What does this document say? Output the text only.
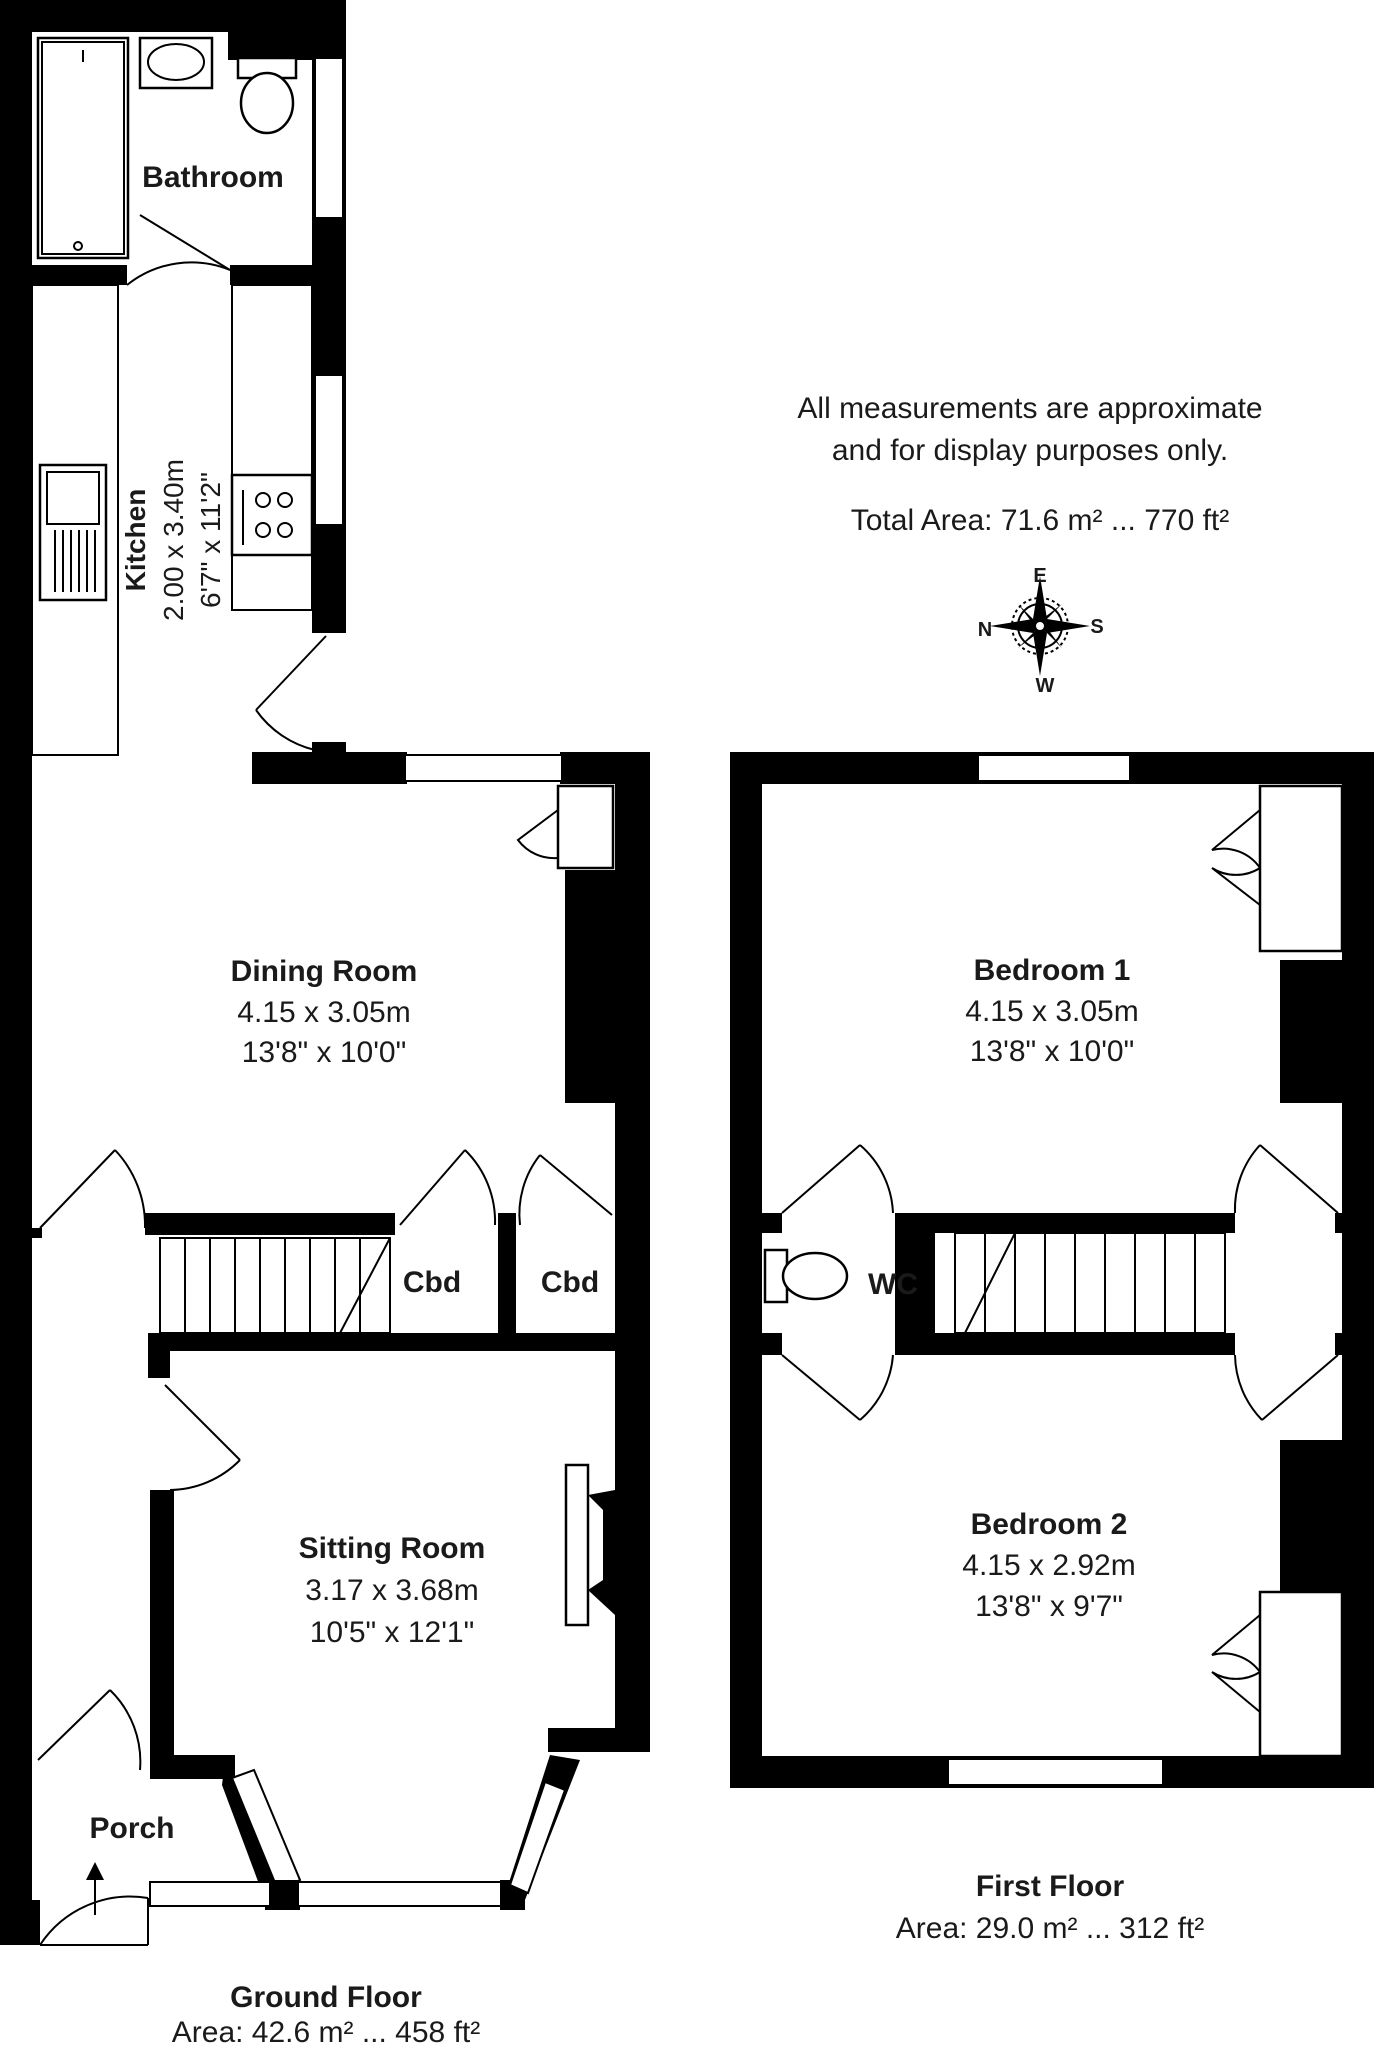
All measurements are approximate
and for display purposes only.
Total Area: 71.6 m² ... 770 ft²
E
N	S
W
Bathroom
Kitchen 2.00 x 3.40m 6'7" x 11'2"
Dining Room
4.15 x 3.05m
13'8" x 10'0"
Cbd	Cbd
Sitting Room
3.17 x 3.68m
10'5" x 12'1"
Porch
Ground Floor
Area: 42.6 m² ... 458 ft²
Bedroom 1
4.15 x 3.05m
13'8" x 10'0"
WC
Bedroom 2
4.15 x 2.92m
13'8" x 9'7"
First Floor
Area: 29.0 m² ... 312 ft²
